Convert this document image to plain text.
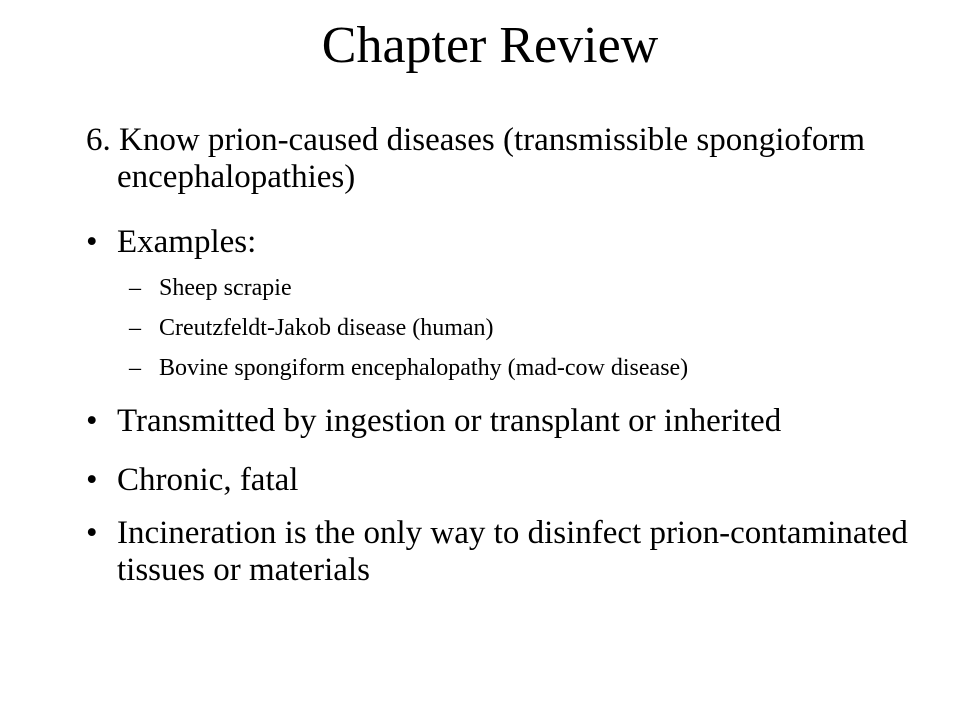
Chapter Review

6. Know prion-caused diseases (transmissible spongioform encephalopathies)

• Examples:
– Sheep scrapie
– Creutzfeldt-Jakob disease (human)
– Bovine spongiform encephalopathy (mad-cow disease)
• Transmitted by ingestion or transplant or inherited
• Chronic, fatal
• Incineration is the only way to disinfect prion-contaminated tissues or materials
